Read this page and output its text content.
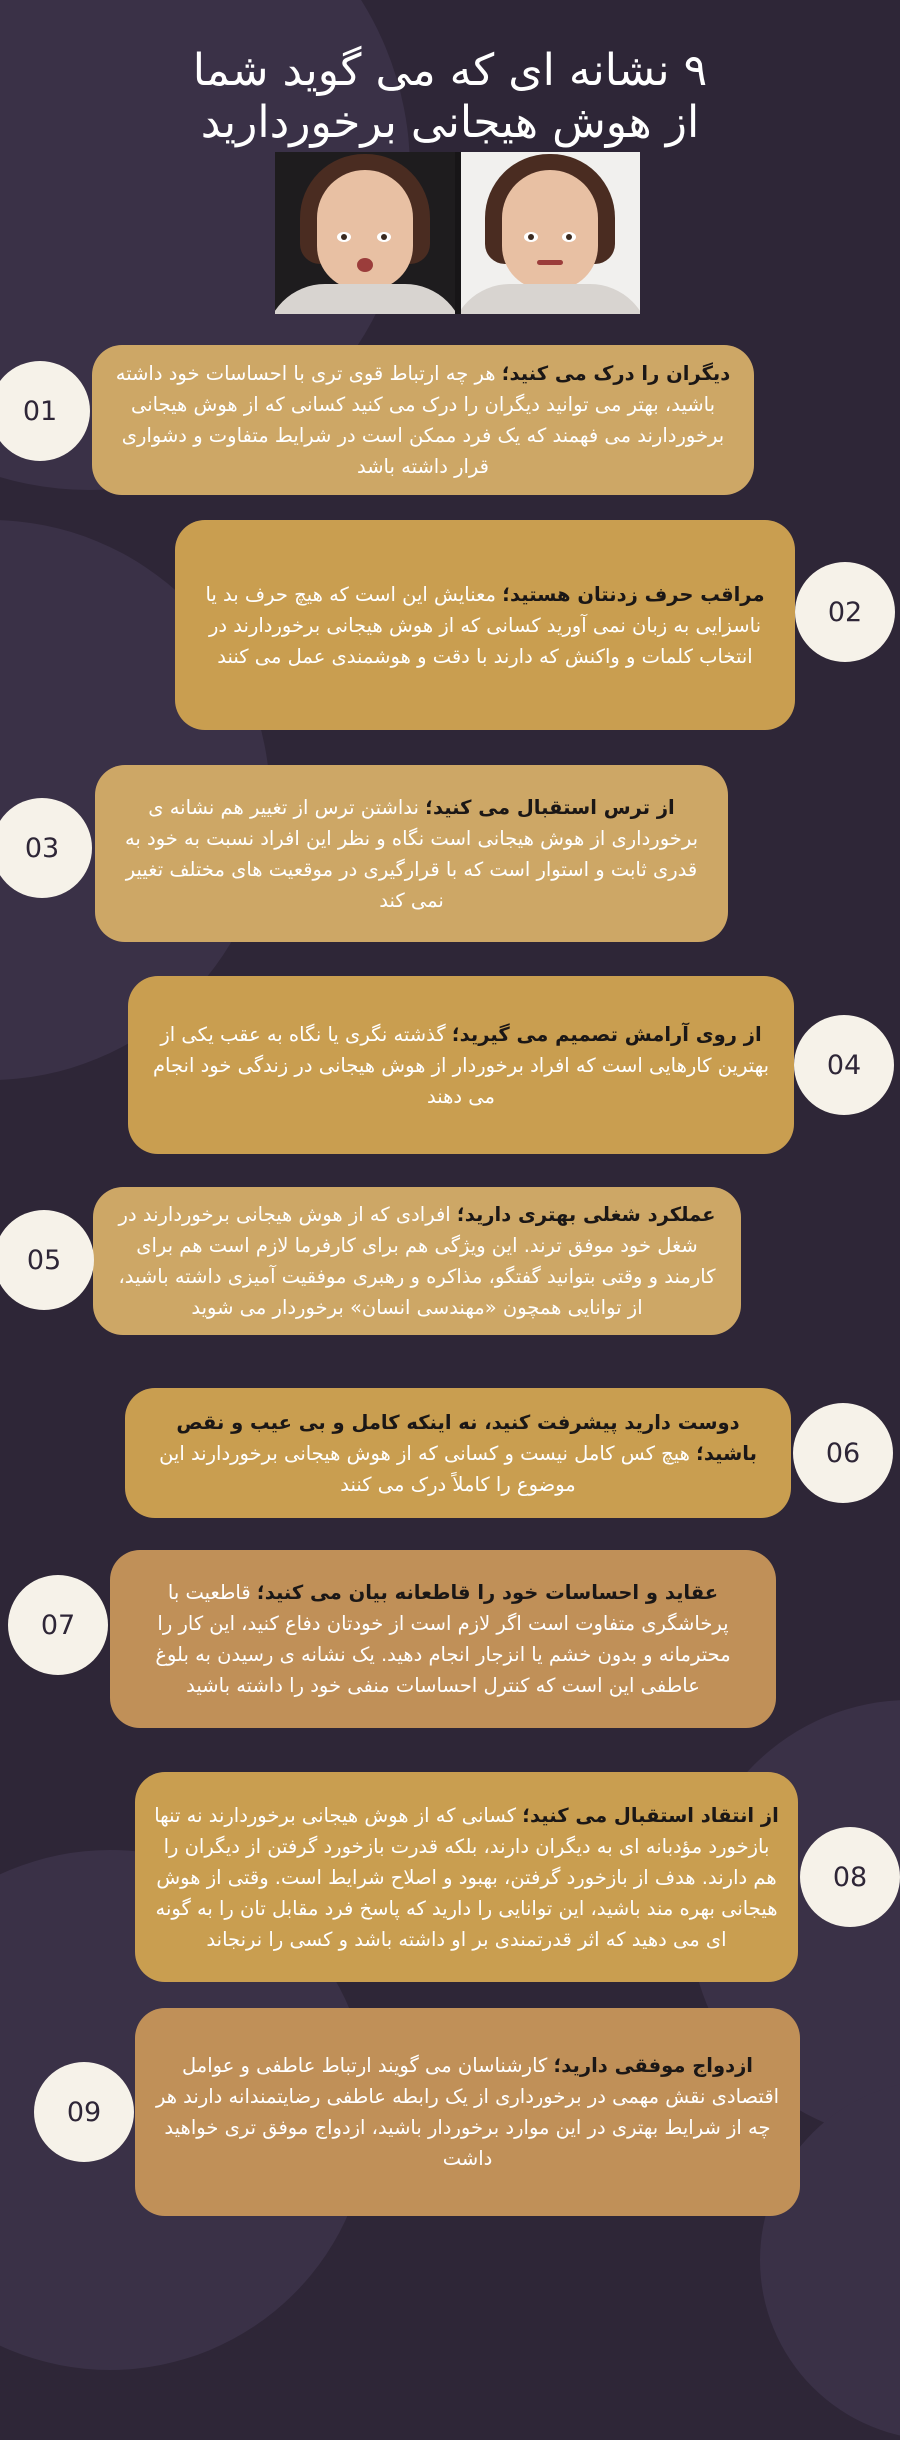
۹ نشانه ای که می گوید شما
از هوش هیجانی برخوردارید

دیگران را درک می کنید؛ هر چه ارتباط قوی تری با احساسات خود داشته باشید، بهتر می توانید دیگران را درک می کنید کسانی که از هوش هیجانی برخوردارند می فهمند که یک فرد ممکن است در شرایط متفاوت و دشواری قرار داشته باشد

01

مراقب حرف زدنتان هستید؛ معنایش این است که هیچ حرف بد یا ناسزایی به زبان نمی آورید کسانی که از هوش هیجانی برخوردارند در انتخاب کلمات و واکنش که دارند با دقت و هوشمندی عمل می کنند

02

از ترس استقبال می کنید؛ نداشتن ترس از تغییر هم نشانه ی برخورداری از هوش هیجانی است نگاه و نظر این افراد نسبت به خود به قدری ثابت و استوار است که با قرارگیری در موقعیت های مختلف تغییر نمی کند

03

از روی آرامش تصمیم می گیرید؛ گذشته نگری یا نگاه به عقب یکی از بهترین کارهایی است که افراد برخوردار از هوش هیجانی در زندگی خود انجام می دهند

04

عملکرد شغلی بهتری دارید؛ افرادی که از هوش هیجانی برخوردارند در شغل خود موفق ترند. این ویژگی هم برای کارفرما لازم است هم برای کارمند و وقتی بتوانید گفتگو، مذاکره و رهبری موفقیت آمیزی داشته باشید، از توانایی همچون «مهندسی انسان» برخوردار می شوید

05

دوست دارید پیشرفت کنید، نه اینکه کامل و بی عیب و نقص باشید؛ هیچ کس کامل نیست و کسانی که از هوش هیجانی برخوردارند این موضوع را کاملاً درک می کنند

06

عقاید و احساسات خود را قاطعانه بیان می کنید؛ قاطعیت با پرخاشگری متفاوت است اگر لازم است از خودتان دفاع کنید، این کار را محترمانه و بدون خشم یا انزجار انجام دهید. یک نشانه ی رسیدن به بلوغ عاطفی این است که کنترل احساسات منفی خود را داشته باشید

07

از انتقاد استقبال می کنید؛ کسانی که از هوش هیجانی برخوردارند نه تنها بازخورد مؤدبانه ای به دیگران دارند، بلکه قدرت بازخورد گرفتن از دیگران را هم دارند. هدف از بازخورد گرفتن، بهبود و اصلاح شرایط است. وقتی از هوش هیجانی بهره مند باشید، این توانایی را دارید که پاسخ فرد مقابل تان را به گونه ای می دهید که اثر قدرتمندی بر او داشته باشد و کسی را نرنجاند

08

ازدواج موفقی دارید؛ کارشناسان می گویند ارتباط عاطفی و عوامل اقتصادی نقش مهمی در برخورداری از یک رابطه عاطفی رضایتمندانه دارند هر چه از شرایط بهتری در این موارد برخوردار باشید، ازدواج موفق تری خواهید داشت

09
